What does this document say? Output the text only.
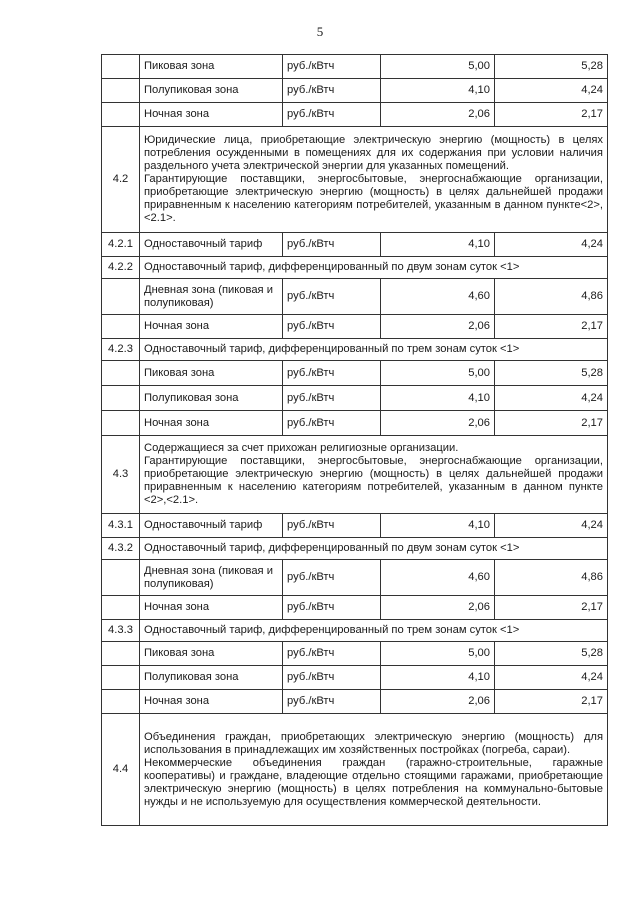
5
	Пиковая зона	руб./кВтч	5,00	5,28
	Полупиковая зона	руб./кВтч	4,10	4,24
	Ночная зона	руб./кВтч	2,06	2,17
4.2	Юридические лица, приобретающие электрическую энергию (мощность) в целях потребления осужденными в помещениях для их содержания при условии наличия раздельного учета электрической энергии для указанных помещений.
Гарантирующие поставщики, энергосбытовые, энергоснабжающие организации, приобретающие электрическую энергию (мощность) в целях дальнейшей продажи приравненным к населению категориям потребителей, указанным в данном пункте<2>, <2.1>.			

4.2.1	Одноставочный тариф	руб./кВтч	4,10	4,24
4.2.2	Одноставочный тариф, дифференцированный по двум зонам суток <1>			
	Дневная зона (пиковая и полупиковая)	руб./кВтч	4,60	4,86
	Ночная зона	руб./кВтч	2,06	2,17
4.2.3	Одноставочный тариф, дифференцированный по трем зонам суток <1>			
	Пиковая зона	руб./кВтч	5,00	5,28
	Полупиковая зона	руб./кВтч	4,10	4,24
	Ночная зона	руб./кВтч	2,06	2,17
4.3	Содержащиеся за счет прихожан религиозные организации.
Гарантирующие поставщики, энергосбытовые, энергоснабжающие организации, приобретающие электрическую энергию (мощность) в целях дальнейшей продажи приравненным к населению категориям потребителей, указанным в данном пункте <2>,<2.1>.			

4.3.1	Одноставочный тариф	руб./кВтч	4,10	4,24
4.3.2	Одноставочный тариф, дифференцированный по двум зонам суток <1>			
	Дневная зона (пиковая и полупиковая)	руб./кВтч	4,60	4,86
	Ночная зона	руб./кВтч	2,06	2,17
4.3.3	Одноставочный тариф, дифференцированный по трем зонам суток <1>			
	Пиковая зона	руб./кВтч	5,00	5,28
	Полупиковая зона	руб./кВтч	4,10	4,24
	Ночная зона	руб./кВтч	2,06	2,17
4.4	Объединения граждан, приобретающих электрическую энергию (мощность) для использования в принадлежащих им хозяйственных постройках (погреба, сараи).
Некоммерческие объединения граждан (гаражно-строительные, гаражные кооперативы) и граждане, владеющие отдельно стоящими гаражами, приобретающие электрическую энергию (мощность) в целях потребления на коммунально-бытовые нужды и не используемую для осуществления коммерческой деятельности.			
